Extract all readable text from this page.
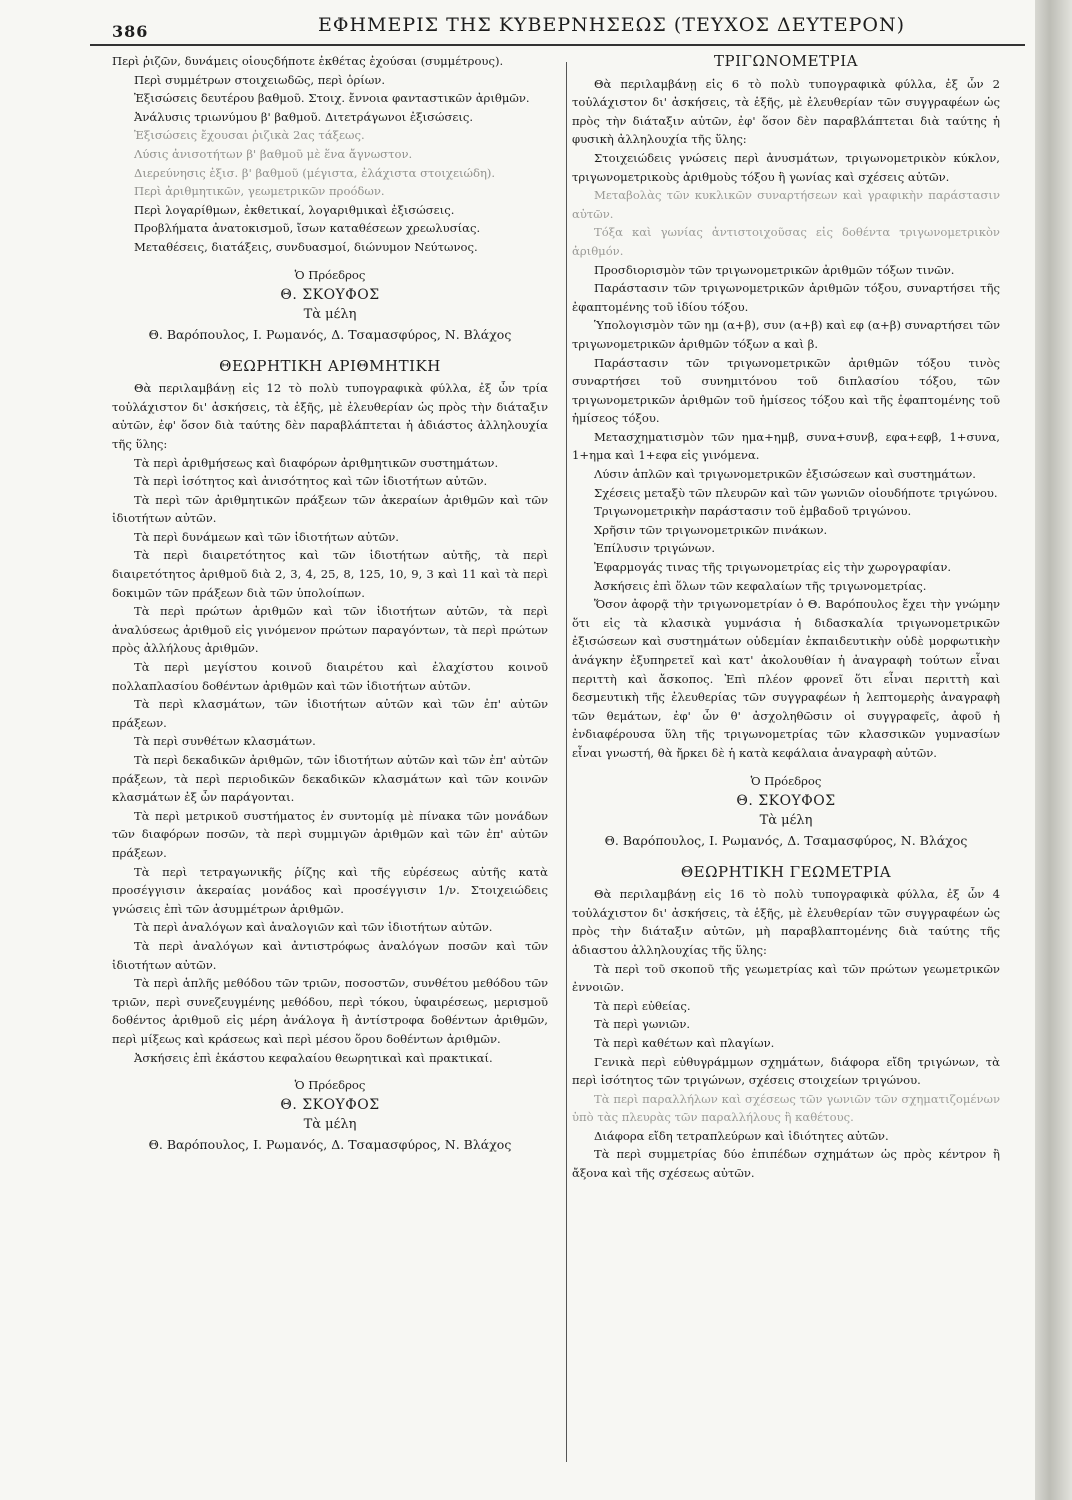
386	ΕΦΗΜΕΡΙΣ ΤΗΣ ΚΥΒΕΡΝΗΣΕΩΣ (ΤΕΥΧΟΣ ΔΕΥΤΕΡΟΝ)

Περὶ ῥιζῶν, δυνάμεις οἱουςδήποτε ἐκθέτας ἐχούσαι (συμμέτρους).

Περὶ συμμέτρων στοιχειωδῶς, περὶ ὁρίων.

Ἐξισώσεις δευτέρου βαθμοῦ. Στοιχ. ἔννοια φανταστικῶν ἀριθμῶν.

Ἀνάλυσις τριωνύμου β' βαθμοῦ. Διτετράγωνοι ἐξισώσεις.

Ἐξισώσεις ἔχουσαι ῥιζικὰ 2ας τάξεως.

Λύσις ἀνισοτήτων β' βαθμοῦ μὲ ἕνα ἄγνωστον.

Διερεύνησις ἐξισ. β' βαθμοῦ (μέγιστα, ἐλάχιστα στοιχειώδη).

Περὶ ἀριθμητικῶν, γεωμετρικῶν προόδων.

Περὶ λογαρίθμων, ἐκθετικαί, λογαριθμικαὶ ἐξισώσεις.

Προβλήματα ἀνατοκισμοῦ, ἴσων καταθέσεων χρεωλυσίας.

Μεταθέσεις, διατάξεις, συνδυασμοί, διώνυμον Νεύτωνος.

Ὁ Πρόεδρος
Θ. ΣΚΟΥΦΟΣ
Τὰ μέλη
Θ. Βαρόπουλος, Ι. Ρωμανός, Δ. Τσαμασφύρος, Ν. Βλάχος
ΘΕΩΡΗΤΙΚΗ ΑΡΙΘΜΗΤΙΚΗ

Θὰ περιλαμβάνῃ εἰς 12 τὸ πολὺ τυπογραφικὰ φύλλα, ἐξ ὧν τρία τοὐλάχιστον δι' ἀσκήσεις, τὰ ἑξῆς, μὲ ἐλευθερίαν ὡς πρὸς τὴν διάταξιν αὐτῶν, ἐφ' ὅσον διὰ ταύτης δὲν παραβλάπτεται ἡ ἀδιάστος ἀλληλουχία τῆς ὕλης:

Τὰ περὶ ἀριθμήσεως καὶ διαφόρων ἀριθμητικῶν συστημάτων.

Τὰ περὶ ἰσότητος καὶ ἀνισότητος καὶ τῶν ἰδιοτήτων αὐτῶν.

Τὰ περὶ τῶν ἀριθμητικῶν πράξεων τῶν ἀκεραίων ἀριθμῶν καὶ τῶν ἰδιοτήτων αὐτῶν.

Τὰ περὶ δυνάμεων καὶ τῶν ἰδιοτήτων αὐτῶν.

Τὰ περὶ διαιρετότητος καὶ τῶν ἰδιοτήτων αὐτῆς, τὰ περὶ διαιρετότητος ἀριθμοῦ διὰ 2, 3, 4, 25, 8, 125, 10, 9, 3 καὶ 11 καὶ τὰ περὶ δοκιμῶν τῶν πράξεων διὰ τῶν ὑπολοίπων.

Τὰ περὶ πρώτων ἀριθμῶν καὶ τῶν ἰδιοτήτων αὐτῶν, τὰ περὶ ἀναλύσεως ἀριθμοῦ εἰς γινόμενον πρώτων παραγόντων, τὰ περὶ πρώτων πρὸς ἀλλήλους ἀριθμῶν.

Τὰ περὶ μεγίστου κοινοῦ διαιρέτου καὶ ἐλαχίστου κοινοῦ πολλαπλασίου δοθέντων ἀριθμῶν καὶ τῶν ἰδιοτήτων αὐτῶν.

Τὰ περὶ κλασμάτων, τῶν ἰδιοτήτων αὐτῶν καὶ τῶν ἐπ' αὐτῶν πράξεων.

Τὰ περὶ συνθέτων κλασμάτων.

Τὰ περὶ δεκαδικῶν ἀριθμῶν, τῶν ἰδιοτήτων αὐτῶν καὶ τῶν ἐπ' αὐτῶν πράξεων, τὰ περὶ περιοδικῶν δεκαδικῶν κλασμάτων καὶ τῶν κοινῶν κλασμάτων ἐξ ὧν παράγονται.

Τὰ περὶ μετρικοῦ συστήματος ἐν συντομίᾳ μὲ πίνακα τῶν μονάδων τῶν διαφόρων ποσῶν, τὰ περὶ συμμιγῶν ἀριθμῶν καὶ τῶν ἐπ' αὐτῶν πράξεων.

Τὰ περὶ τετραγωνικῆς ῥίζης καὶ τῆς εὑρέσεως αὐτῆς κατὰ προσέγγισιν ἀκεραίας μονάδος καὶ προσέγγισιν 1/ν. Στοιχειώδεις γνώσεις ἐπὶ τῶν ἀσυμμέτρων ἀριθμῶν.

Τὰ περὶ ἀναλόγων καὶ ἀναλογιῶν καὶ τῶν ἰδιοτήτων αὐτῶν.

Τὰ περὶ ἀναλόγων καὶ ἀντιστρόφως ἀναλόγων ποσῶν καὶ τῶν ἰδιοτήτων αὐτῶν.

Τὰ περὶ ἁπλῆς μεθόδου τῶν τριῶν, ποσοστῶν, συνθέτου μεθόδου τῶν τριῶν, περὶ συνεζευγμένης μεθόδου, περὶ τόκου, ὑφαιρέσεως, μερισμοῦ δοθέντος ἀριθμοῦ εἰς μέρη ἀνάλογα ἢ ἀντίστροφα δοθέντων ἀριθμῶν, περὶ μίξεως καὶ κράσεως καὶ περὶ μέσου ὅρου δοθέντων ἀριθμῶν.

Ἀσκήσεις ἐπὶ ἑκάστου κεφαλαίου θεωρητικαὶ καὶ πρακτικαί.

Ὁ Πρόεδρος
Θ. ΣΚΟΥΦΟΣ
Τὰ μέλη
Θ. Βαρόπουλος, Ι. Ρωμανός, Δ. Τσαμασφύρος, Ν. Βλάχος
ΤΡΙΓΩΝΟΜΕΤΡΙΑ

Θὰ περιλαμβάνῃ εἰς 6 τὸ πολὺ τυπογραφικὰ φύλλα, ἐξ ὧν 2 τοὐλάχιστον δι' ἀσκήσεις, τὰ ἑξῆς, μὲ ἐλευθερίαν τῶν συγγραφέων ὡς πρὸς τὴν διάταξιν αὐτῶν, ἐφ' ὅσον δὲν παραβλάπτεται διὰ ταύτης ἡ φυσικὴ ἀλληλουχία τῆς ὕλης:

Στοιχειώδεις γνώσεις περὶ ἀνυσμάτων, τριγωνομετρικὸν κύκλον, τριγωνομετρικοὺς ἀριθμοὺς τόξου ἢ γωνίας καὶ σχέσεις αὐτῶν.

Μεταβολὰς τῶν κυκλικῶν συναρτήσεων καὶ γραφικὴν παράστασιν αὐτῶν.

Τόξα καὶ γωνίας ἀντιστοιχοῦσας εἰς δοθέντα τριγωνομετρικὸν ἀριθμόν.

Προσδιορισμὸν τῶν τριγωνομετρικῶν ἀριθμῶν τόξων τινῶν.

Παράστασιν τῶν τριγωνομετρικῶν ἀριθμῶν τόξου, συναρτήσει τῆς ἐφαπτομένης τοῦ ἰδίου τόξου.

Ὑπολογισμὸν τῶν ημ (α+β), συν (α+β) καὶ εφ (α+β) συναρτήσει τῶν τριγωνομετρικῶν ἀριθμῶν τόξων α καὶ β.

Παράστασιν τῶν τριγωνομετρικῶν ἀριθμῶν τόξου τινὸς συναρτήσει τοῦ συνημιτόνου τοῦ διπλασίου τόξου, τῶν τριγωνομετρικῶν ἀριθμῶν τοῦ ἡμίσεος τόξου καὶ τῆς ἐφαπτομένης τοῦ ἡμίσεος τόξου.

Μετασχηματισμὸν τῶν ημα+ημβ, συνα+συνβ, εφα+εφβ, 1+συνα, 1+ημα καὶ 1+εφα εἰς γινόμενα.

Λύσιν ἁπλῶν καὶ τριγωνομετρικῶν ἐξισώσεων καὶ συστημάτων.

Σχέσεις μεταξὺ τῶν πλευρῶν καὶ τῶν γωνιῶν οἱουδήποτε τριγώνου.

Τριγωνομετρικὴν παράστασιν τοῦ ἐμβαδοῦ τριγώνου.

Χρῆσιν τῶν τριγωνομετρικῶν πινάκων.

Ἐπίλυσιν τριγώνων.

Ἐφαρμογάς τινας τῆς τριγωνομετρίας εἰς τὴν χωρογραφίαν.

Ἀσκήσεις ἐπὶ ὅλων τῶν κεφαλαίων τῆς τριγωνομετρίας.

Ὅσον ἀφορᾷ τὴν τριγωνομετρίαν ὁ Θ. Βαρόπουλος ἔχει τὴν γνώμην ὅτι εἰς τὰ κλασικὰ γυμνάσια ἡ διδασκαλία τριγωνομετρικῶν ἐξισώσεων καὶ συστημάτων οὐδεμίαν ἐκπαιδευτικὴν οὐδὲ μορφωτικὴν ἀνάγκην ἐξυπηρετεῖ καὶ κατ' ἀκολουθίαν ἡ ἀναγραφὴ τούτων εἶναι περιττὴ καὶ ἄσκοπος. Ἐπὶ πλέον φρονεῖ ὅτι εἶναι περιττὴ καὶ δεσμευτικὴ τῆς ἐλευθερίας τῶν συγγραφέων ἡ λεπτομερὴς ἀναγραφὴ τῶν θεμάτων, ἐφ' ὧν θ' ἀσχοληθῶσιν οἱ συγγραφεῖς, ἀφοῦ ἡ ἐνδιαφέρουσα ὕλη τῆς τριγωνομετρίας τῶν κλασσικῶν γυμνασίων εἶναι γνωστή, θὰ ἤρκει δὲ ἡ κατὰ κεφάλαια ἀναγραφὴ αὐτῶν.

Ὁ Πρόεδρος
Θ. ΣΚΟΥΦΟΣ
Τὰ μέλη
Θ. Βαρόπουλος, Ι. Ρωμανός, Δ. Τσαμασφύρος, Ν. Βλάχος
ΘΕΩΡΗΤΙΚΗ ΓΕΩΜΕΤΡΙΑ

Θὰ περιλαμβάνῃ εἰς 16 τὸ πολὺ τυπογραφικὰ φύλλα, ἐξ ὧν 4 τοὐλάχιστον δι' ἀσκήσεις, τὰ ἑξῆς, μὲ ἐλευθερίαν τῶν συγγραφέων ὡς πρὸς τὴν διάταξιν αὐτῶν, μὴ παραβλαπτομένης διὰ ταύτης τῆς ἀδιαστου ἀλληλουχίας τῆς ὕλης:

Τὰ περὶ τοῦ σκοποῦ τῆς γεωμετρίας καὶ τῶν πρώτων γεωμετρικῶν ἐννοιῶν.

Τὰ περὶ εὐθείας.

Τὰ περὶ γωνιῶν.

Τὰ περὶ καθέτων καὶ πλαγίων.

Γενικὰ περὶ εὐθυγράμμων σχημάτων, διάφορα εἴδη τριγώνων, τὰ περὶ ἰσότητος τῶν τριγώνων, σχέσεις στοιχείων τριγώνου.

Τὰ περὶ παραλλήλων καὶ σχέσεως τῶν γωνιῶν τῶν σχηματιζομένων ὑπὸ τὰς πλευρὰς τῶν παραλλήλους ἢ καθέτους.

Διάφορα εἴδη τετραπλεύρων καὶ ἰδιότητες αὐτῶν.

Τὰ περὶ συμμετρίας δύο ἐπιπέδων σχημάτων ὡς πρὸς κέντρον ἢ ἄξονα καὶ τῆς σχέσεως αὐτῶν.
